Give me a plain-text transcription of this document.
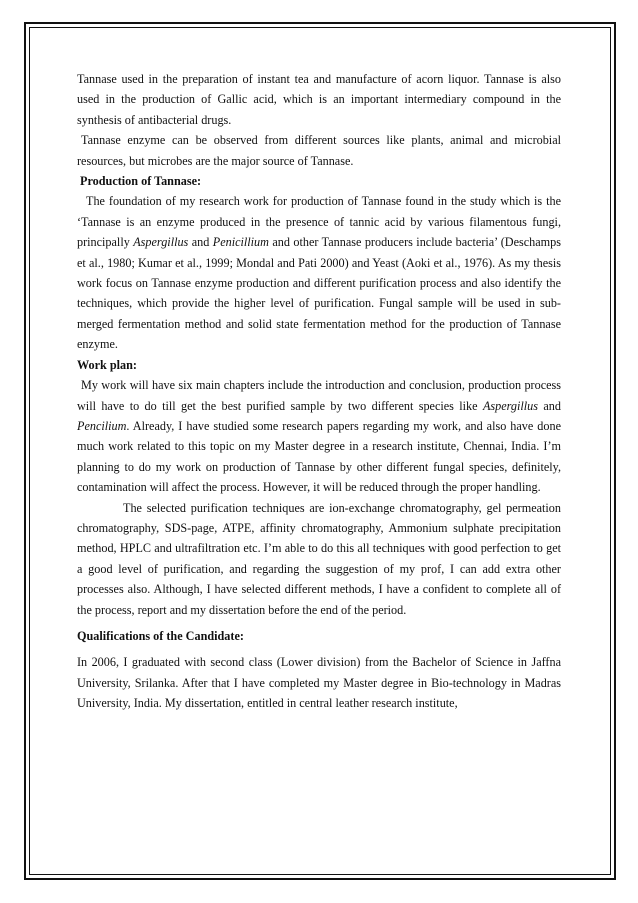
Tannase used in the preparation of instant tea and manufacture of acorn liquor. Tannase is also used in the production of Gallic acid, which is an important intermediary compound in the synthesis of antibacterial drugs.

Tannase enzyme can be observed from different sources like plants, animal and microbial resources, but microbes are the major source of Tannase.

Production of Tannase:

The foundation of my research work for production of Tannase found in the study which is the ‘Tannase is an enzyme produced in the presence of tannic acid by various filamentous fungi, principally Aspergillus and Penicillium and other Tannase producers include bacteria’ (Deschamps et al., 1980; Kumar et al., 1999; Mondal and Pati 2000) and Yeast (Aoki et al., 1976). As my thesis work focus on Tannase enzyme production and different purification process and also identify the techniques, which provide the higher level of purification. Fungal sample will be used in sub-merged fermentation method and solid state fermentation method for the production of Tannase enzyme.

Work plan:

My work will have six main chapters include the introduction and conclusion, production process will have to do till get the best purified sample by two different species like Aspergillus and Pencilium. Already, I have studied some research papers regarding my work, and also have done much work related to this topic on my Master degree in a research institute, Chennai, India. I’m planning to do my work on production of Tannase by other different fungal species, definitely, contamination will affect the process. However, it will be reduced through the proper handling.

The selected purification techniques are ion-exchange chromatography, gel permeation chromatography, SDS-page, ATPE, affinity chromatography, Ammonium sulphate precipitation method, HPLC and ultrafiltration etc. I’m able to do this all techniques with good perfection to get a good level of purification, and regarding the suggestion of my prof, I can add extra other processes also. Although, I have selected different methods, I have a confident to complete all of the process, report and my dissertation before the end of the period.

Qualifications of the Candidate:

In 2006, I graduated with second class (Lower division) from the Bachelor of Science in Jaffna University, Srilanka. After that I have completed my Master degree in Bio-technology in Madras University, India. My dissertation, entitled in central leather research institute,
